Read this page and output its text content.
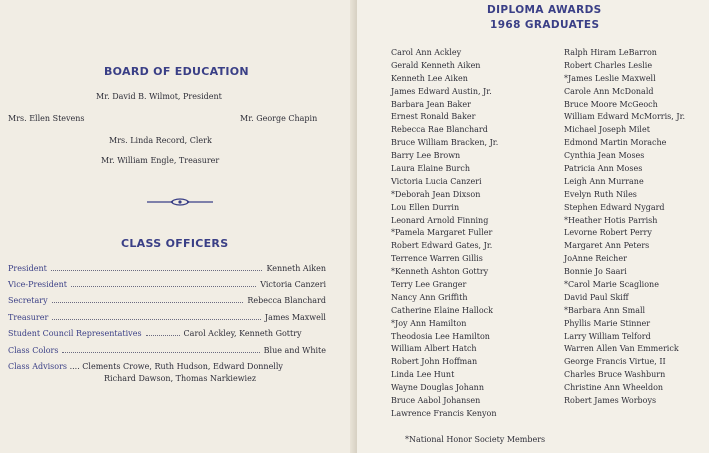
BOARD OF EDUCATION
Mr. David B. Wilmot, President
Mrs. Ellen Stevens	Mr. George Chapin
Mrs. Linda Record, Clerk
Mr. William Engle, Treasurer
CLASS OFFICERS
President	Kenneth Aiken
Vice-President	Victoria Canzeri
Secretary	Rebecca Blanchard
Treasurer	James Maxwell
Student Council Representatives	Carol Ackley, Kenneth Gottry
Class Colors	Blue and White
Class Advisors .... Clements Crowe, Ruth Hudson, Edward Donnelly
Richard Dawson, Thomas Narkiewiez
DIPLOMA AWARDS
1968 GRADUATES
Carol Ann Ackley
Gerald Kenneth Aiken
Kenneth Lee Aiken
James Edward Austin, Jr.
Barbara Jean Baker
Ernest Ronald Baker
Rebecca Rae Blanchard
Bruce William Bracken, Jr.
Barry Lee Brown
Laura Elaine Burch
Victoria Lucia Canzeri
*Deborah Jean Dixson
Lou Ellen Durrin
Leonard Arnold Finning
*Pamela Margaret Fuller
Robert Edward Gates, Jr.
Terrence Warren Gillis
*Kenneth Ashton Gottry
Terry Lee Granger
Nancy Ann Griffith
Catherine Elaine Hallock
*Joy Ann Hamilton
Theodosia Lee Hamilton
William Albert Hatch
Robert John Hoffman
Linda Lee Hunt
Wayne Douglas Johann
Bruce Aabol Johansen
Lawrence Francis Kenyon
Ralph Hiram LeBarron
Robert Charles Leslie
*James Leslie Maxwell
Carole Ann McDonald
Bruce Moore McGeoch
William Edward McMorris, Jr.
Michael Joseph Milet
Edmond Martin Morache
Cynthia Jean Moses
Patricia Ann Moses
Leigh Ann Murrane
Evelyn Ruth Niles
Stephen Edward Nygard
*Heather Hotis Parrish
Levorne Robert Perry
Margaret Ann Peters
JoAnne Reicher
Bonnie Jo Saari
*Carol Marie Scaglione
David Paul Skiff
*Barbara Ann Small
Phyllis Marie Stinner
Larry William Telford
Warren Allen Van Emmerick
George Francis Virtue, II
Charles Bruce Washburn
Christine Ann Wheeldon
Robert James Worboys
*National Honor Society Members
